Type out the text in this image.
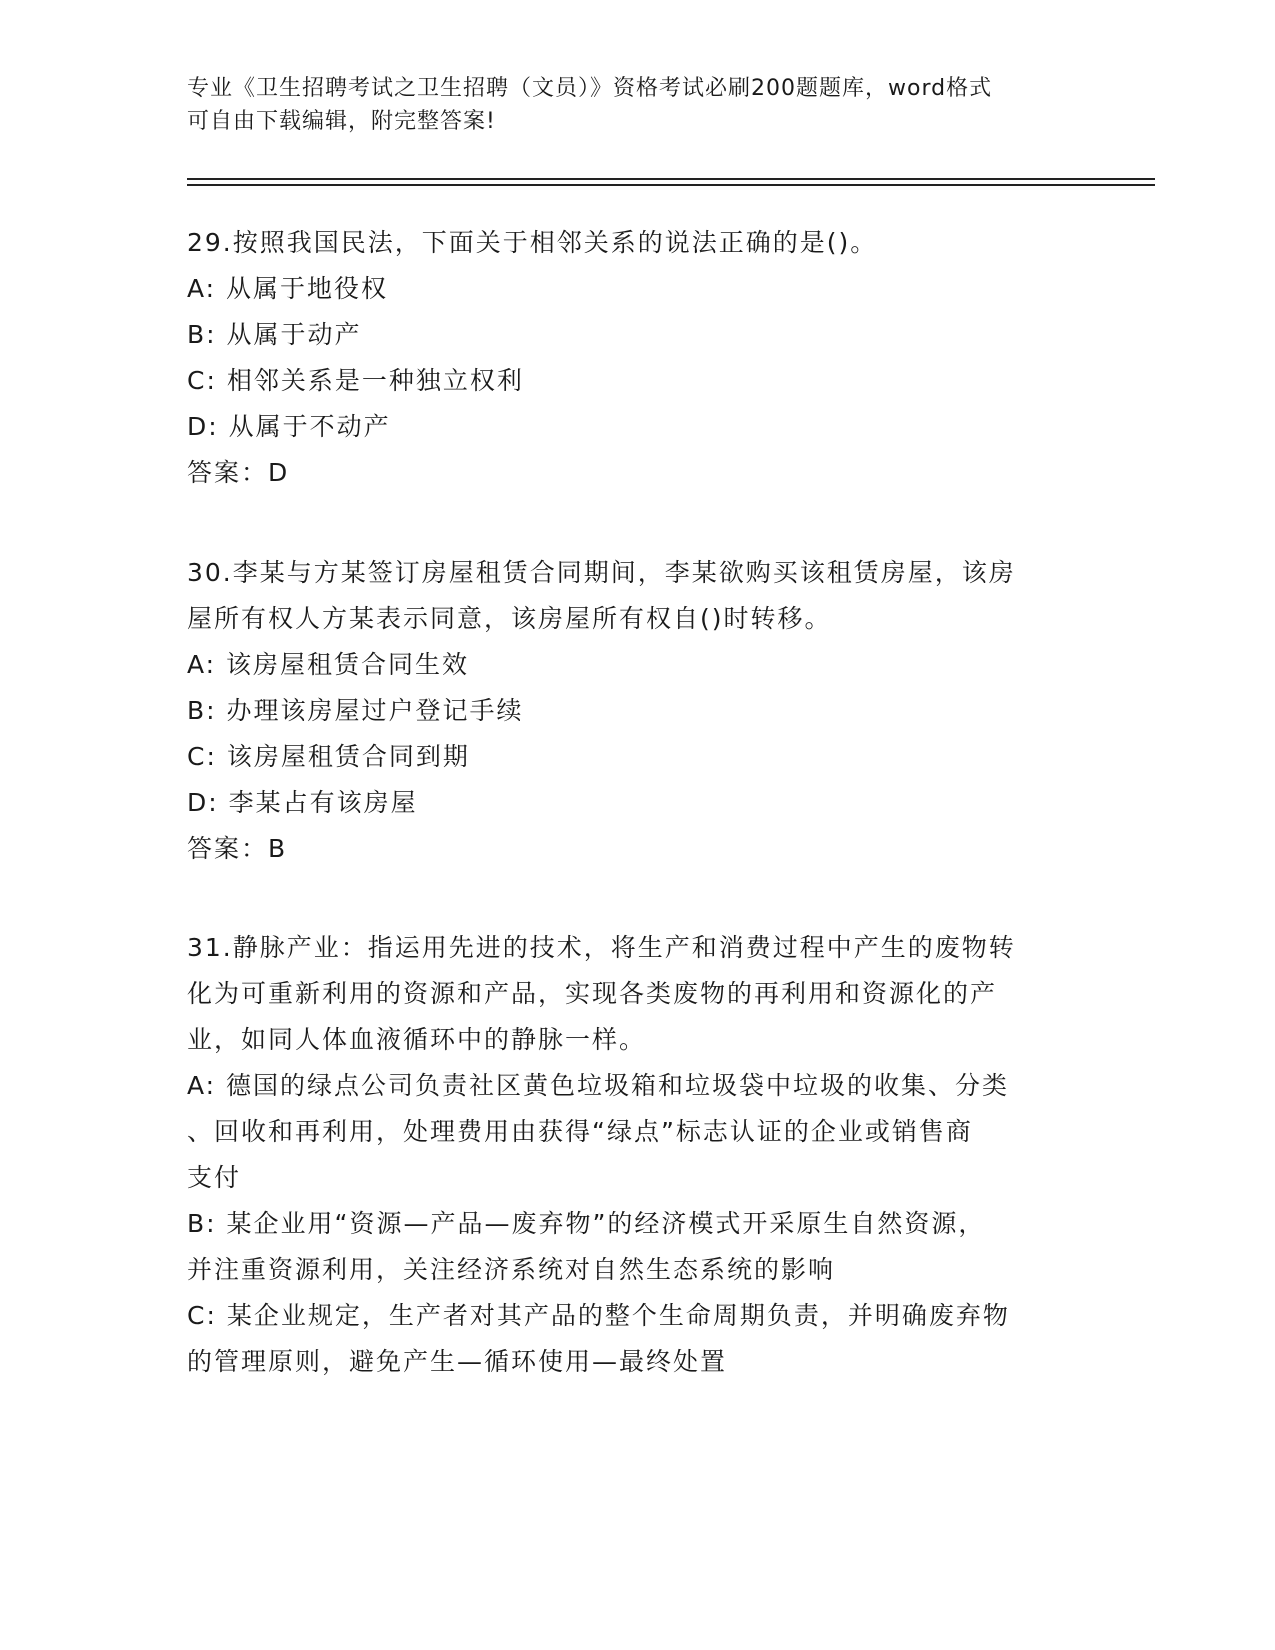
专业《卫生招聘考试之卫生招聘（文员）》资格考试必刷200题题库，word格式
可自由下载编辑，附完整答案!
29.按照我国民法，下面关于相邻关系的说法正确的是()。
A: 从属于地役权
B: 从属于动产
C: 相邻关系是一种独立权利
D: 从属于不动产
答案：D
30.李某与方某签订房屋租赁合同期间，李某欲购买该租赁房屋，该房
屋所有权人方某表示同意，该房屋所有权自()时转移。
A: 该房屋租赁合同生效
B: 办理该房屋过户登记手续
C: 该房屋租赁合同到期
D: 李某占有该房屋
答案：B
31.静脉产业：指运用先进的技术，将生产和消费过程中产生的废物转
化为可重新利用的资源和产品，实现各类废物的再利用和资源化的产
业，如同人体血液循环中的静脉一样。
A: 德国的绿点公司负责社区黄色垃圾箱和垃圾袋中垃圾的收集、分类
、回收和再利用，处理费用由获得“绿点”标志认证的企业或销售商
支付
B: 某企业用“资源—产品—废弃物”的经济模式开采原生自然资源，
并注重资源利用，关注经济系统对自然生态系统的影响
C: 某企业规定，生产者对其产品的整个生命周期负责，并明确废弃物
的管理原则，避免产生—循环使用—最终处置
